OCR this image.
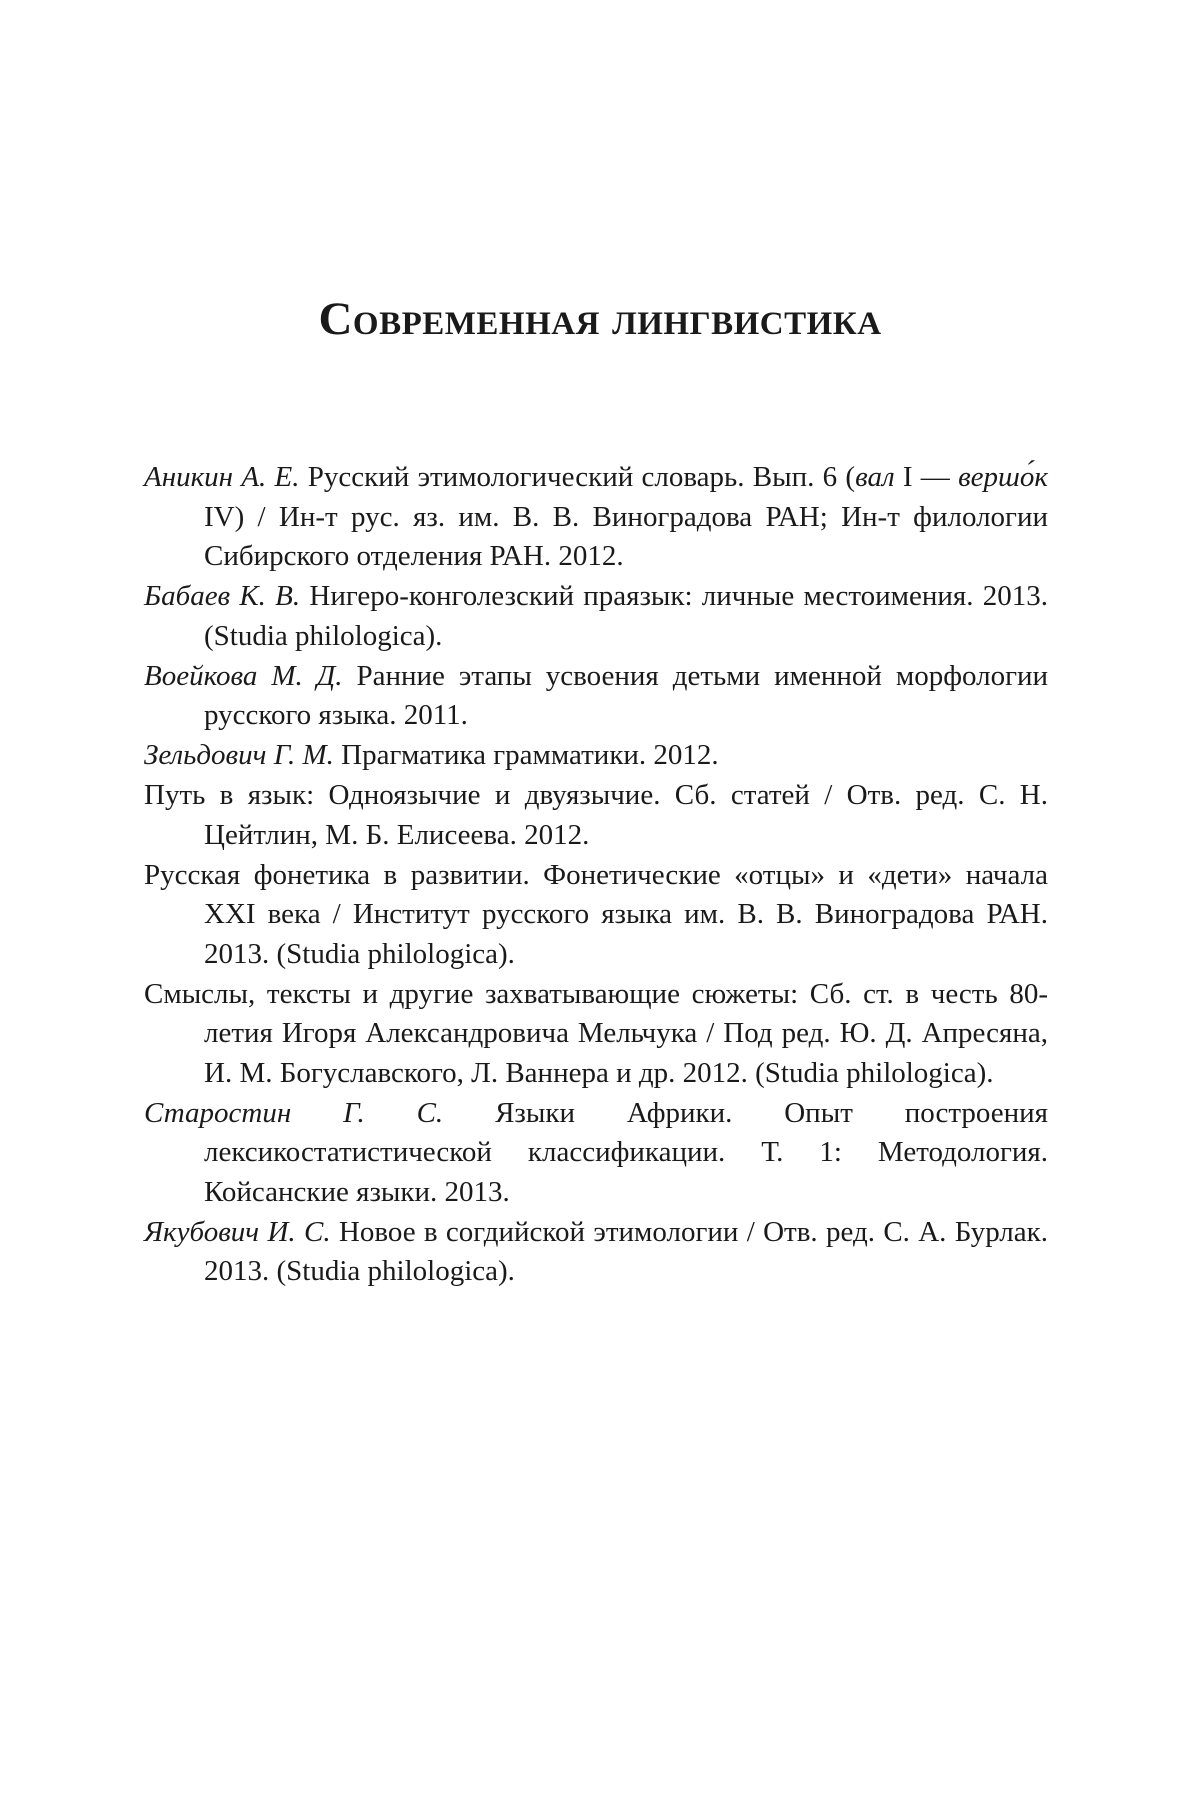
Современная лингвистика
Аникин А. Е. Русский этимологический словарь. Вып. 6 (вал I — вершо́к IV) / Ин-т рус. яз. им. В. В. Виноградова РАН; Ин-т филологии Сибирского отделения РАН. 2012.
Бабаев К. В. Нигеро-конголезский праязык: личные местоимения. 2013. (Studia philologica).
Воейкова М. Д. Ранние этапы усвоения детьми именной морфологии русского языка. 2011.
Зельдович Г. М. Прагматика грамматики. 2012.
Путь в язык: Одноязычие и двуязычие. Сб. статей / Отв. ред. С. Н. Цейтлин, М. Б. Елисеева. 2012.
Русская фонетика в развитии. Фонетические «отцы» и «дети» начала XXI века / Институт русского языка им. В. В. Виноградова РАН. 2013. (Studia philologica).
Смыслы, тексты и другие захватывающие сюжеты: Сб. ст. в честь 80-летия Игоря Александровича Мельчука / Под ред. Ю. Д. Апресяна, И. М. Богуславского, Л. Ваннера и др. 2012. (Studia philologica).
Старостин Г. С. Языки Африки. Опыт построения лексикостатистической классификации. Т. 1: Методология. Койсанские языки. 2013.
Якубович И. С. Новое в согдийской этимологии / Отв. ред. С. А. Бурлак. 2013. (Studia philologica).
